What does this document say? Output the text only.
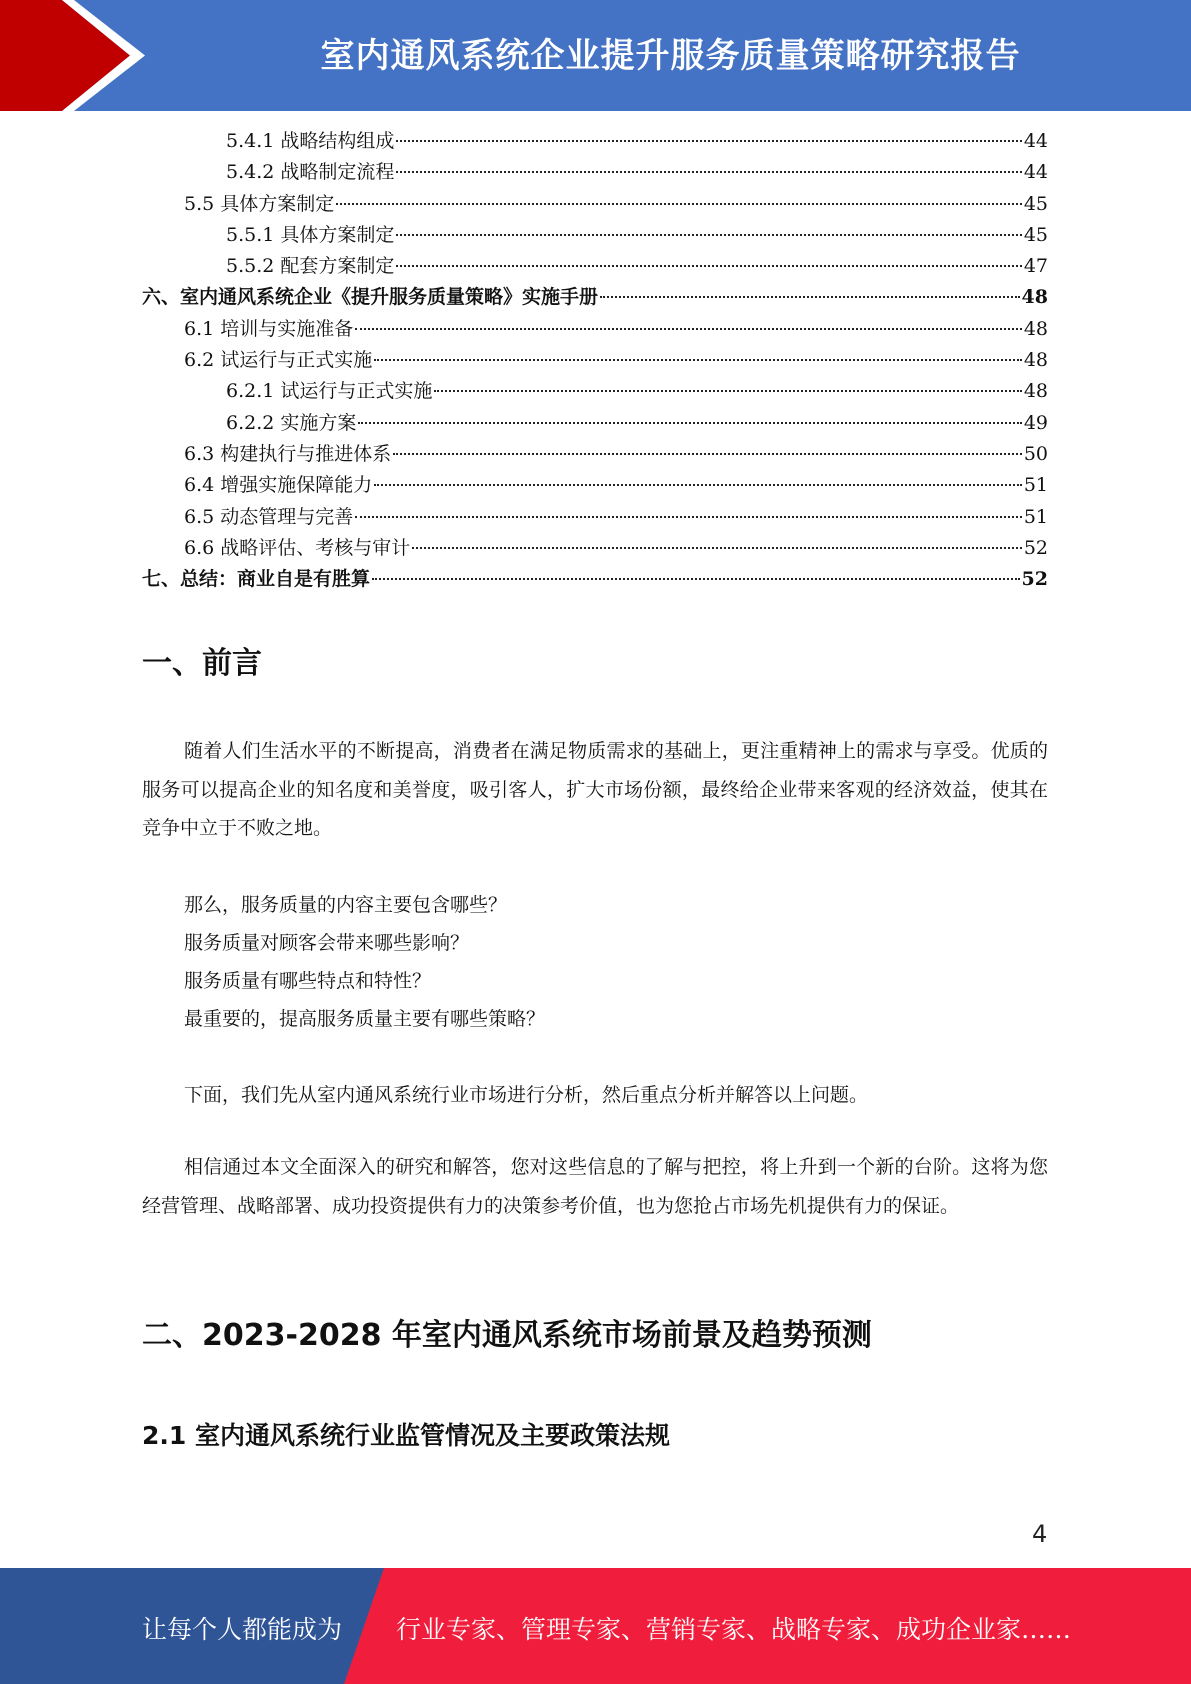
室内通风系统企业提升服务质量策略研究报告
5.4.1 战略结构组成	44
5.4.2 战略制定流程	44
5.5 具体方案制定	45
5.5.1 具体方案制定	45
5.5.2 配套方案制定	47
六、室内通风系统企业《提升服务质量策略》实施手册	48
6.1 培训与实施准备	48
6.2 试运行与正式实施	48
6.2.1 试运行与正式实施	48
6.2.2 实施方案	49
6.3 构建执行与推进体系	50
6.4 增强实施保障能力	51
6.5 动态管理与完善	51
6.6 战略评估、考核与审计	52
七、总结：商业自是有胜算	52
一、前言

随着人们生活水平的不断提高，消费者在满足物质需求的基础上，更注重精神上的需求与享受。优质的服务可以提高企业的知名度和美誉度，吸引客人，扩大市场份额，最终给企业带来客观的经济效益，使其在竞争中立于不败之地。

那么，服务质量的内容主要包含哪些？
服务质量对顾客会带来哪些影响？
服务质量有哪些特点和特性？
最重要的，提高服务质量主要有哪些策略？
下面，我们先从室内通风系统行业市场进行分析，然后重点分析并解答以上问题。

相信通过本文全面深入的研究和解答，您对这些信息的了解与把控，将上升到一个新的台阶。这将为您经营管理、战略部署、成功投资提供有力的决策参考价值，也为您抢占市场先机提供有力的保证。

二、2023-2028 年室内通风系统市场前景及趋势预测
2.1 室内通风系统行业监管情况及主要政策法规
4
让每个人都能成为 行业专家、管理专家、营销专家、战略专家、成功企业家……
